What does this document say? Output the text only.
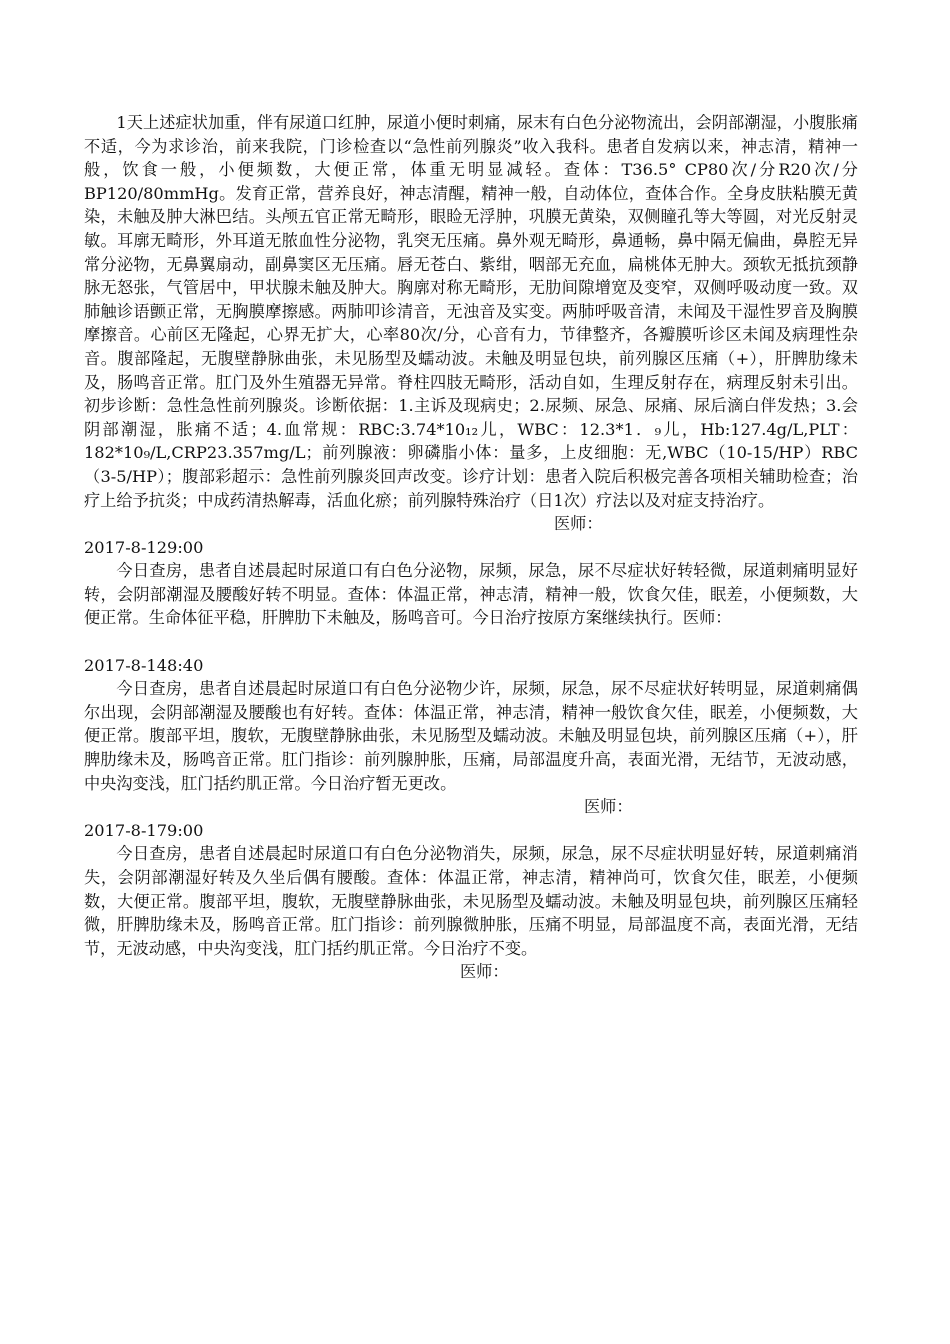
1天上述症状加重，伴有尿道口红肿，尿道小便时刺痛，尿末有白色分泌物流出，会阴部潮湿，小腹胀痛不适，今为求诊治，前来我院，门诊检查以“急性前列腺炎”收入我科。患者自发病以来，神志清，精神一般，饮食一般，小便频数，大便正常，体重无明显减轻。查体：T36.5° CP80次/分R20次/分BP120/80mmHg。发育正常，营养良好，神志清醒，精神一般，自动体位，查体合作。全身皮肤粘膜无黄染，未触及肿大淋巴结。头颅五官正常无畸形，眼睑无浮肿，巩膜无黄染，双侧瞳孔等大等圆，对光反射灵敏。耳廓无畸形，外耳道无脓血性分泌物，乳突无压痛。鼻外观无畸形，鼻通畅，鼻中隔无偏曲，鼻腔无异常分泌物，无鼻翼扇动，副鼻窦区无压痛。唇无苍白、紫绀，咽部无充血，扁桃体无肿大。颈软无抵抗颈静脉无怒张，气管居中，甲状腺未触及肿大。胸廓对称无畸形，无肋间隙增宽及变窄，双侧呼吸动度一致。双肺触诊语颤正常，无胸膜摩擦感。两肺叩诊清音，无浊音及实变。两肺呼吸音清，未闻及干湿性罗音及胸膜摩擦音。心前区无隆起，心界无扩大，心率80次/分，心音有力，节律整齐，各瓣膜听诊区未闻及病理性杂音。腹部隆起，无腹壁静脉曲张，未见肠型及蠕动波。未触及明显包块，前列腺区压痛（+），肝脾肋缘未及，肠鸣音正常。肛门及外生殖器无异常。脊柱四肢无畸形，活动自如，生理反射存在，病理反射未引出。初步诊断：急性急性前列腺炎。诊断依据：1.主诉及现病史；2.尿频、尿急、尿痛、尿后滴白伴发热；3.会阴部潮湿，胀痛不适；4.血常规：RBC:3.74*10₁₂儿，WBC：12.3*1．₉儿，Hb:127.4g/L,PLT：182*10₉/L,CRP23.357mg/L；前列腺液：卵磷脂小体：量多，上皮细胞：无,WBC（10-15/HP）RBC（3-5/HP）；腹部彩超示：急性前列腺炎回声改变。诊疗计划：患者入院后积极完善各项相关辅助检查；治疗上给予抗炎；中成药清热解毒，活血化瘀；前列腺特殊治疗（日1次）疗法以及对症支持治疗。

医师：

2017-8-129:00

今日查房，患者自述晨起时尿道口有白色分泌物，尿频，尿急，尿不尽症状好转轻微，尿道刺痛明显好转，会阴部潮湿及腰酸好转不明显。查体：体温正常，神志清，精神一般，饮食欠佳，眠差，小便频数，大便正常。生命体征平稳，肝脾肋下未触及，肠鸣音可。今日治疗按原方案继续执行。医师：

2017-8-148:40

今日查房，患者自述晨起时尿道口有白色分泌物少许，尿频，尿急，尿不尽症状好转明显，尿道刺痛偶尔出现，会阴部潮湿及腰酸也有好转。查体：体温正常，神志清，精神一般饮食欠佳，眠差，小便频数，大便正常。腹部平坦，腹软，无腹壁静脉曲张，未见肠型及蠕动波。未触及明显包块，前列腺区压痛（+），肝脾肋缘未及，肠鸣音正常。肛门指诊：前列腺肿胀，压痛，局部温度升高，表面光滑，无结节，无波动感，中央沟变浅，肛门括约肌正常。今日治疗暂无更改。

医师：

2017-8-179:00

今日查房，患者自述晨起时尿道口有白色分泌物消失，尿频，尿急，尿不尽症状明显好转，尿道刺痛消失，会阴部潮湿好转及久坐后偶有腰酸。查体：体温正常，神志清，精神尚可，饮食欠佳，眠差，小便频数，大便正常。腹部平坦，腹软，无腹壁静脉曲张，未见肠型及蠕动波。未触及明显包块，前列腺区压痛轻微，肝脾肋缘未及，肠鸣音正常。肛门指诊：前列腺微肿胀，压痛不明显，局部温度不高，表面光滑，无结节，无波动感，中央沟变浅，肛门括约肌正常。今日治疗不变。

医师：
